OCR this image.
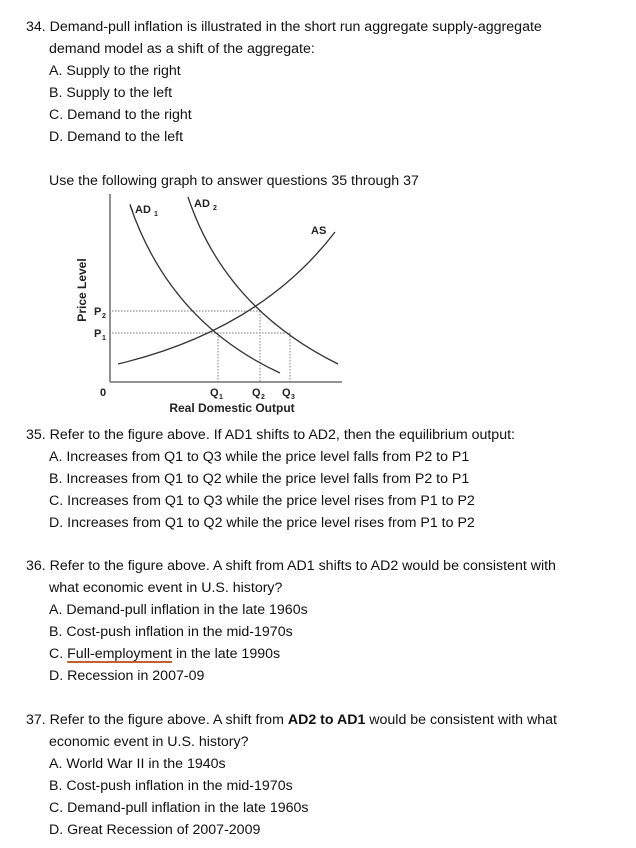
34. Demand-pull inflation is illustrated in the short run aggregate supply-aggregate
demand model as a shift of the aggregate:
A. Supply to the right
B. Supply to the left
C. Demand to the right
D. Demand to the left
Use the following graph to answer questions 35 through 37
AD 1
AD 2
AS
P 2
P 1
0	Q 1	Q 2 Q 3
Real Domestic Output
Price Level
35. Refer to the figure above. If AD1 shifts to AD2, then the equilibrium output:
A. Increases from Q1 to Q3 while the price level falls from P2 to P1
B. Increases from Q1 to Q2 while the price level falls from P2 to P1
C. Increases from Q1 to Q3 while the price level rises from P1 to P2
D. Increases from Q1 to Q2 while the price level rises from P1 to P2
36. Refer to the figure above. A shift from AD1 shifts to AD2 would be consistent with
what economic event in U.S. history?
A. Demand-pull inflation in the late 1960s
B. Cost-push inflation in the mid-1970s
C. Full-employment in the late 1990s
D. Recession in 2007-09
37. Refer to the figure above. A shift from AD2 to AD1 would be consistent with what
economic event in U.S. history?
A. World War II in the 1940s
B. Cost-push inflation in the mid-1970s
C. Demand-pull inflation in the late 1960s
D. Great Recession of 2007-2009
